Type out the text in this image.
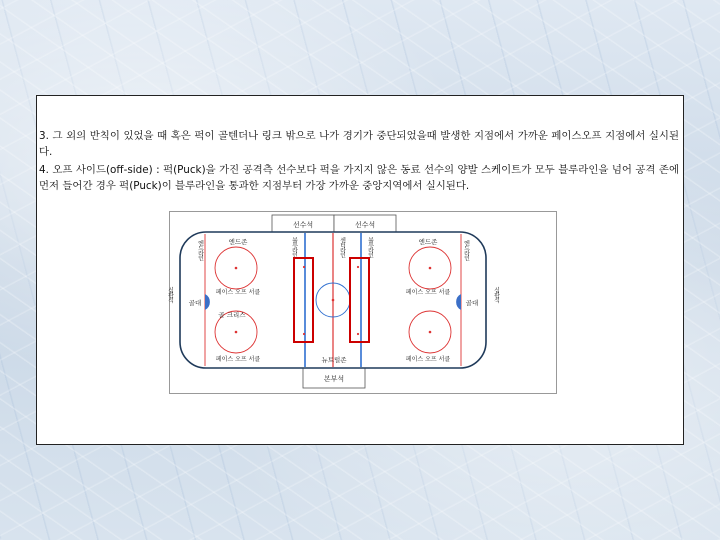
3. 그 외의 반칙이 있었을 때 혹은 퍽이 골텐더나 링크 밖으로 나가 경기가 중단되었을때 발생한 지점에서 가까운 페이스오프 지점에서 실시된다.

4. 오프 사이드(off-side) : 퍽(Puck)을 가진 공격측 선수보다 퍽을 가지지 않은 동료 선수의 양발 스케이트가 모두 블루라인을 넘어 공격 존에 먼저 들어간 경우 퍽(Puck)이 블루라인을 통과한 지점부터 가장 가까운 중앙지역에서 실시된다.

선수석	선수석
본부석
엔드라인	엔드라인
블루라인	블루라인
센터라인
심판석	심판석
엔드존	엔드존
페이스 오프 서클	페이스 오프 서클
페이스 오프 서클	페이스 오프 서클
뉴트럴존
골 크리스
골대	골대
